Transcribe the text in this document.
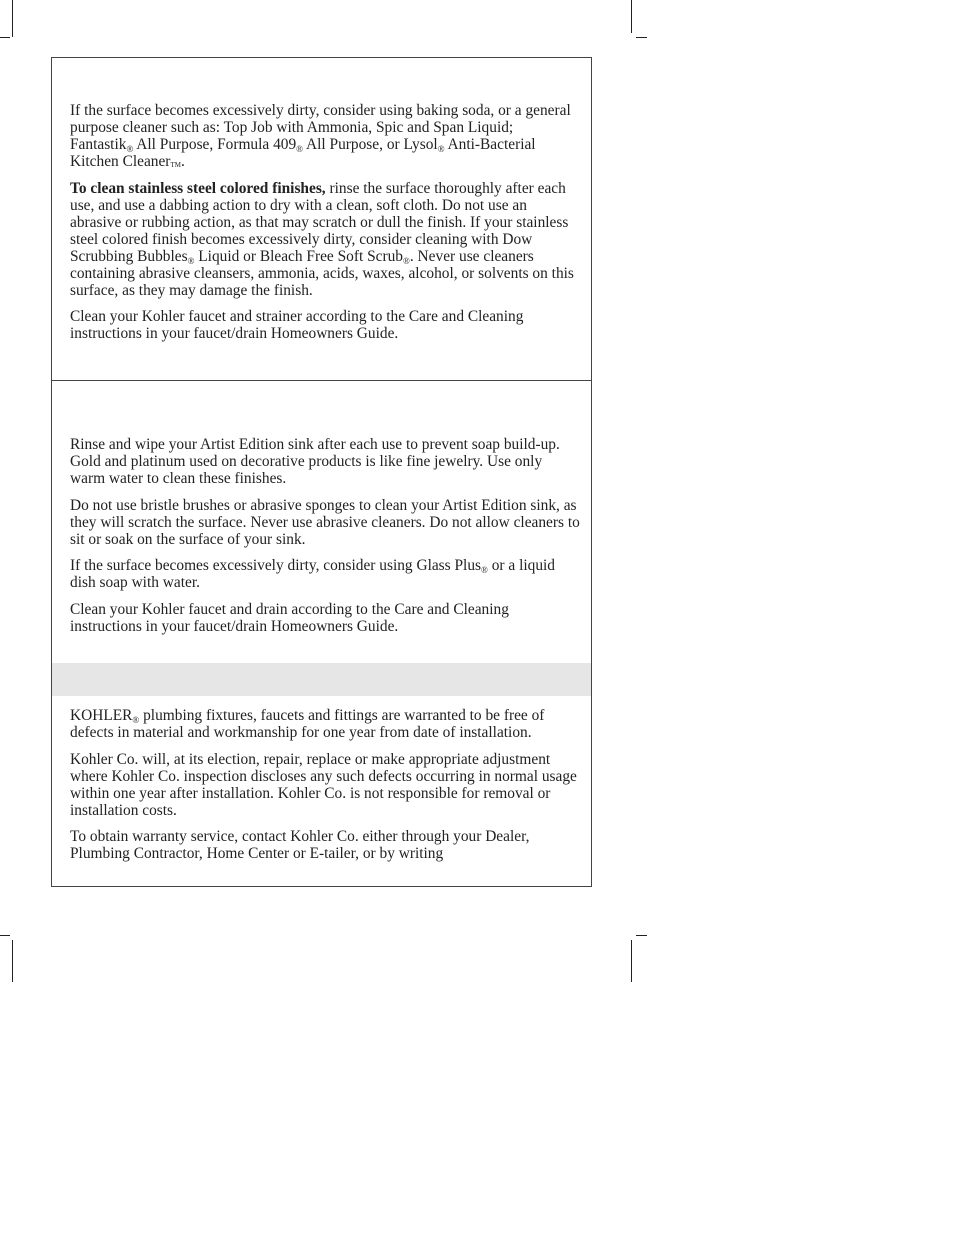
If the surface becomes excessively dirty, consider using baking soda, or a general purpose cleaner such as: Top Job with Ammonia, Spic and Span Liquid; Fantastik$_®$ All Purpose, Formula $409_®$ All Purpose, or Lysol$_®$ Anti-Bacterial Kitchen Cleaner$_{TM}$.

To clean stainless steel colored finishes, rinse the surface thoroughly after each use, and use a dabbing action to dry with a clean, soft cloth. Do not use an abrasive or rubbing action, as that may scratch or dull the finish. If your stainless steel colored finish becomes excessively dirty, consider cleaning with Dow Scrubbing Bubbles$_®$ Liquid or Bleach Free Soft Scrub$_®$. Never use cleaners containing abrasive cleansers, ammonia, acids, waxes, alcohol, or solvents on this surface, as they may damage the finish.

Clean your Kohler faucet and strainer according to the Care and Cleaning instructions in your faucet/drain Homeowners Guide.

Rinse and wipe your Artist Edition sink after each use to prevent soap build-up. Gold and platinum used on decorative products is like fine jewelry. Use only warm water to clean these finishes.

Do not use bristle brushes or abrasive sponges to clean your Artist Edition sink, as they will scratch the surface. Never use abrasive cleaners. Do not allow cleaners to sit or soak on the surface of your sink.

If the surface becomes excessively dirty, consider using Glass Plus$_®$ or a liquid dish soap with water.

Clean your Kohler faucet and drain according to the Care and Cleaning instructions in your faucet/drain Homeowners Guide.

$KOHLER_®$ plumbing fixtures, faucets and fittings are warranted to be free of defects in material and workmanship for one year from date of installation.

Kohler Co. will, at its election, repair, replace or make appropriate adjustment where Kohler Co. inspection discloses any such defects occurring in normal usage within one year after installation. Kohler Co. is not responsible for removal or installation costs.

To obtain warranty service, contact Kohler Co. either through your Dealer, Plumbing Contractor, Home Center or E-tailer, or by writing
